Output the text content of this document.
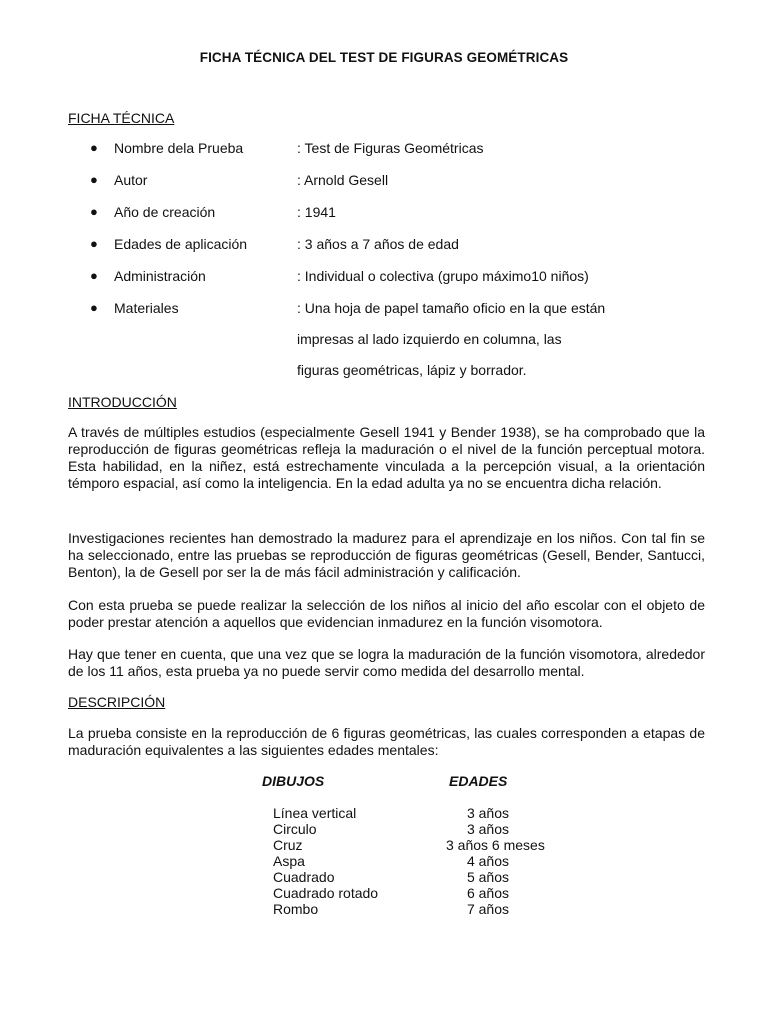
FICHA TÉCNICA DEL TEST DE FIGURAS GEOMÉTRICAS
FICHA TÉCNICA
● Nombre dela Prueba	: Test de Figuras Geométricas
● Autor	: Arnold Gesell
● Año de creación	: 1941
● Edades de aplicación	: 3 años a 7 años de edad
● Administración	: Individual o colectiva (grupo máximo10 niños)
● Materiales	: Una hoja de papel tamaño oficio en la que están
impresas al lado izquierdo en columna, las
figuras geométricas, lápiz y borrador.
INTRODUCCIÓN

A través de múltiples estudios (especialmente Gesell 1941 y Bender 1938), se ha comprobado que la reproducción de figuras geométricas refleja la maduración o el nivel de la función perceptual motora. Esta habilidad, en la niñez, está estrechamente vinculada a la percepción visual, a la orientación témporo espacial, así como la inteligencia. En la edad adulta ya no se encuentra dicha relación.

Investigaciones recientes han demostrado la madurez para el aprendizaje en los niños. Con tal fin se ha seleccionado, entre las pruebas se reproducción de figuras geométricas (Gesell, Bender, Santucci, Benton), la de Gesell por ser la de más fácil administración y calificación.

Con esta prueba se puede realizar la selección de los niños al inicio del año escolar con el objeto de poder prestar atención a aquellos que evidencian inmadurez en la función visomotora.

Hay que tener en cuenta, que una vez que se logra la maduración de la función visomotora, alrededor de los 11 años, esta prueba ya no puede servir como medida del desarrollo mental.

DESCRIPCIÓN

La prueba consiste en la reproducción de 6 figuras geométricas, las cuales corresponden a etapas de maduración equivalentes a las siguientes edades mentales:

DIBUJOS	EDADES
Línea vertical	3 años
Circulo	3 años
Cruz	3 años 6 meses
Aspa	4 años
Cuadrado	5 años
Cuadrado rotado	6 años
Rombo	7 años
